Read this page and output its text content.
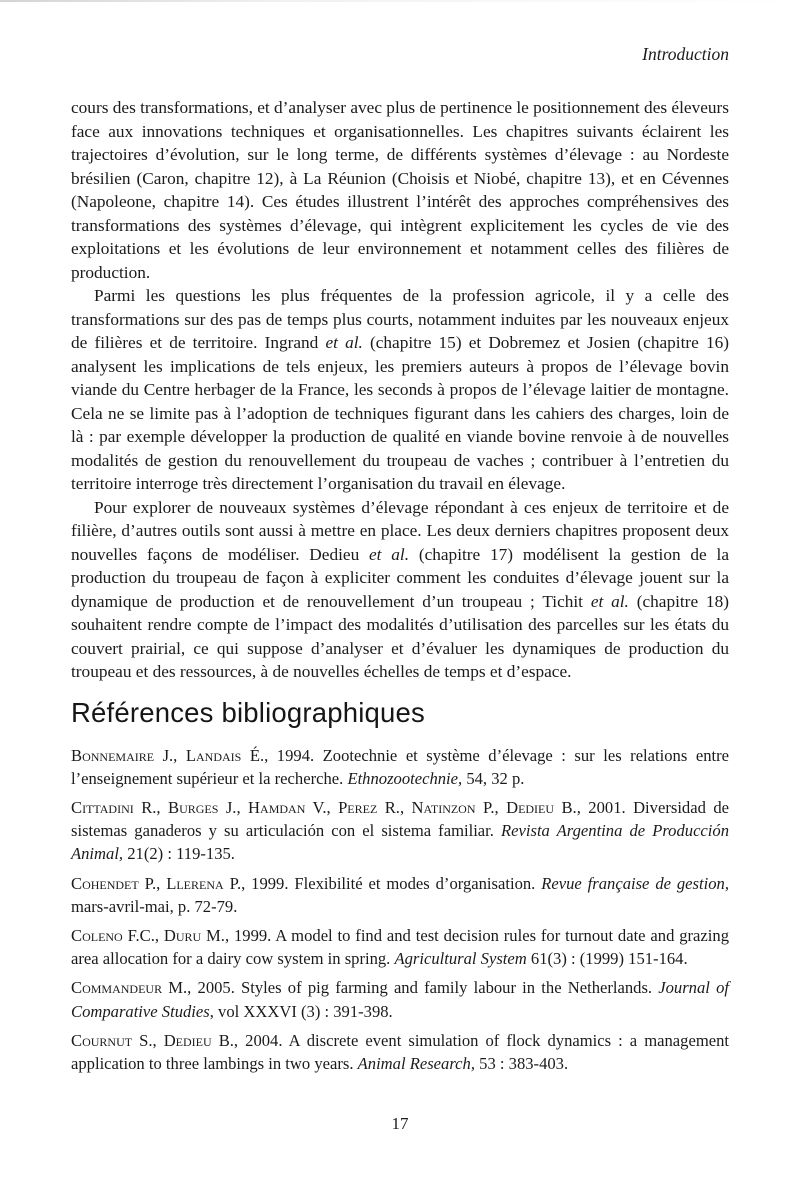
Introduction

cours des transformations, et d’analyser avec plus de pertinence le positionnement des éleveurs face aux innovations techniques et organisationnelles. Les chapitres suivants éclairent les trajectoires d’évolution, sur le long terme, de différents systèmes d’élevage : au Nordeste brésilien (Caron, chapitre 12), à La Réunion (Choisis et Niobé, chapitre 13), et en Cévennes (Napoleone, chapitre 14). Ces études illustrent l’intérêt des approches compréhensives des transformations des systèmes d’élevage, qui intègrent explicitement les cycles de vie des exploitations et les évolutions de leur environnement et notamment celles des filières de production.

Parmi les questions les plus fréquentes de la profession agricole, il y a celle des transformations sur des pas de temps plus courts, notamment induites par les nouveaux enjeux de filières et de territoire. Ingrand et al. (chapitre 15) et Dobremez et Josien (chapitre 16) analysent les implications de tels enjeux, les premiers auteurs à propos de l’élevage bovin viande du Centre herbager de la France, les seconds à propos de l’élevage laitier de montagne. Cela ne se limite pas à l’adoption de techniques figurant dans les cahiers des charges, loin de là : par exemple développer la production de qualité en viande bovine renvoie à de nouvelles modalités de gestion du renouvellement du troupeau de vaches ; contribuer à l’entretien du territoire interroge très directement l’organisation du travail en élevage.

Pour explorer de nouveaux systèmes d’élevage répondant à ces enjeux de territoire et de filière, d’autres outils sont aussi à mettre en place. Les deux derniers chapitres proposent deux nouvelles façons de modéliser. Dedieu et al. (chapitre 17) modélisent la gestion de la production du troupeau de façon à expliciter comment les conduites d’élevage jouent sur la dynamique de production et de renouvellement d’un troupeau ; Tichit et al. (chapitre 18) souhaitent rendre compte de l’impact des modalités d’utilisation des parcelles sur les états du couvert prairial, ce qui suppose d’analyser et d’évaluer les dynamiques de production du troupeau et des ressources, à de nouvelles échelles de temps et d’espace.

Références bibliographiques

Bonnemaire J., Landais É., 1994. Zootechnie et système d’élevage : sur les relations entre l’enseignement supérieur et la recherche. Ethnozootechnie, 54, 32 p.

Cittadini R., Burges J., Hamdan V., Perez R., Natinzon P., Dedieu B., 2001. Diversidad de sistemas ganaderos y su articulación con el sistema familiar. Revista Argentina de Producción Animal, 21(2) : 119-135.

Cohendet P., Llerena P., 1999. Flexibilité et modes d’organisation. Revue française de gestion, mars-avril-mai, p. 72-79.

Coleno F.C., Duru M., 1999. A model to find and test decision rules for turnout date and grazing area allocation for a dairy cow system in spring. Agricultural System 61(3) : (1999) 151-164.

Commandeur M., 2005. Styles of pig farming and family labour in the Netherlands. Journal of Comparative Studies, vol XXXVI (3) : 391-398.

Cournut S., Dedieu B., 2004. A discrete event simulation of flock dynamics : a management application to three lambings in two years. Animal Research, 53 : 383-403.

17
